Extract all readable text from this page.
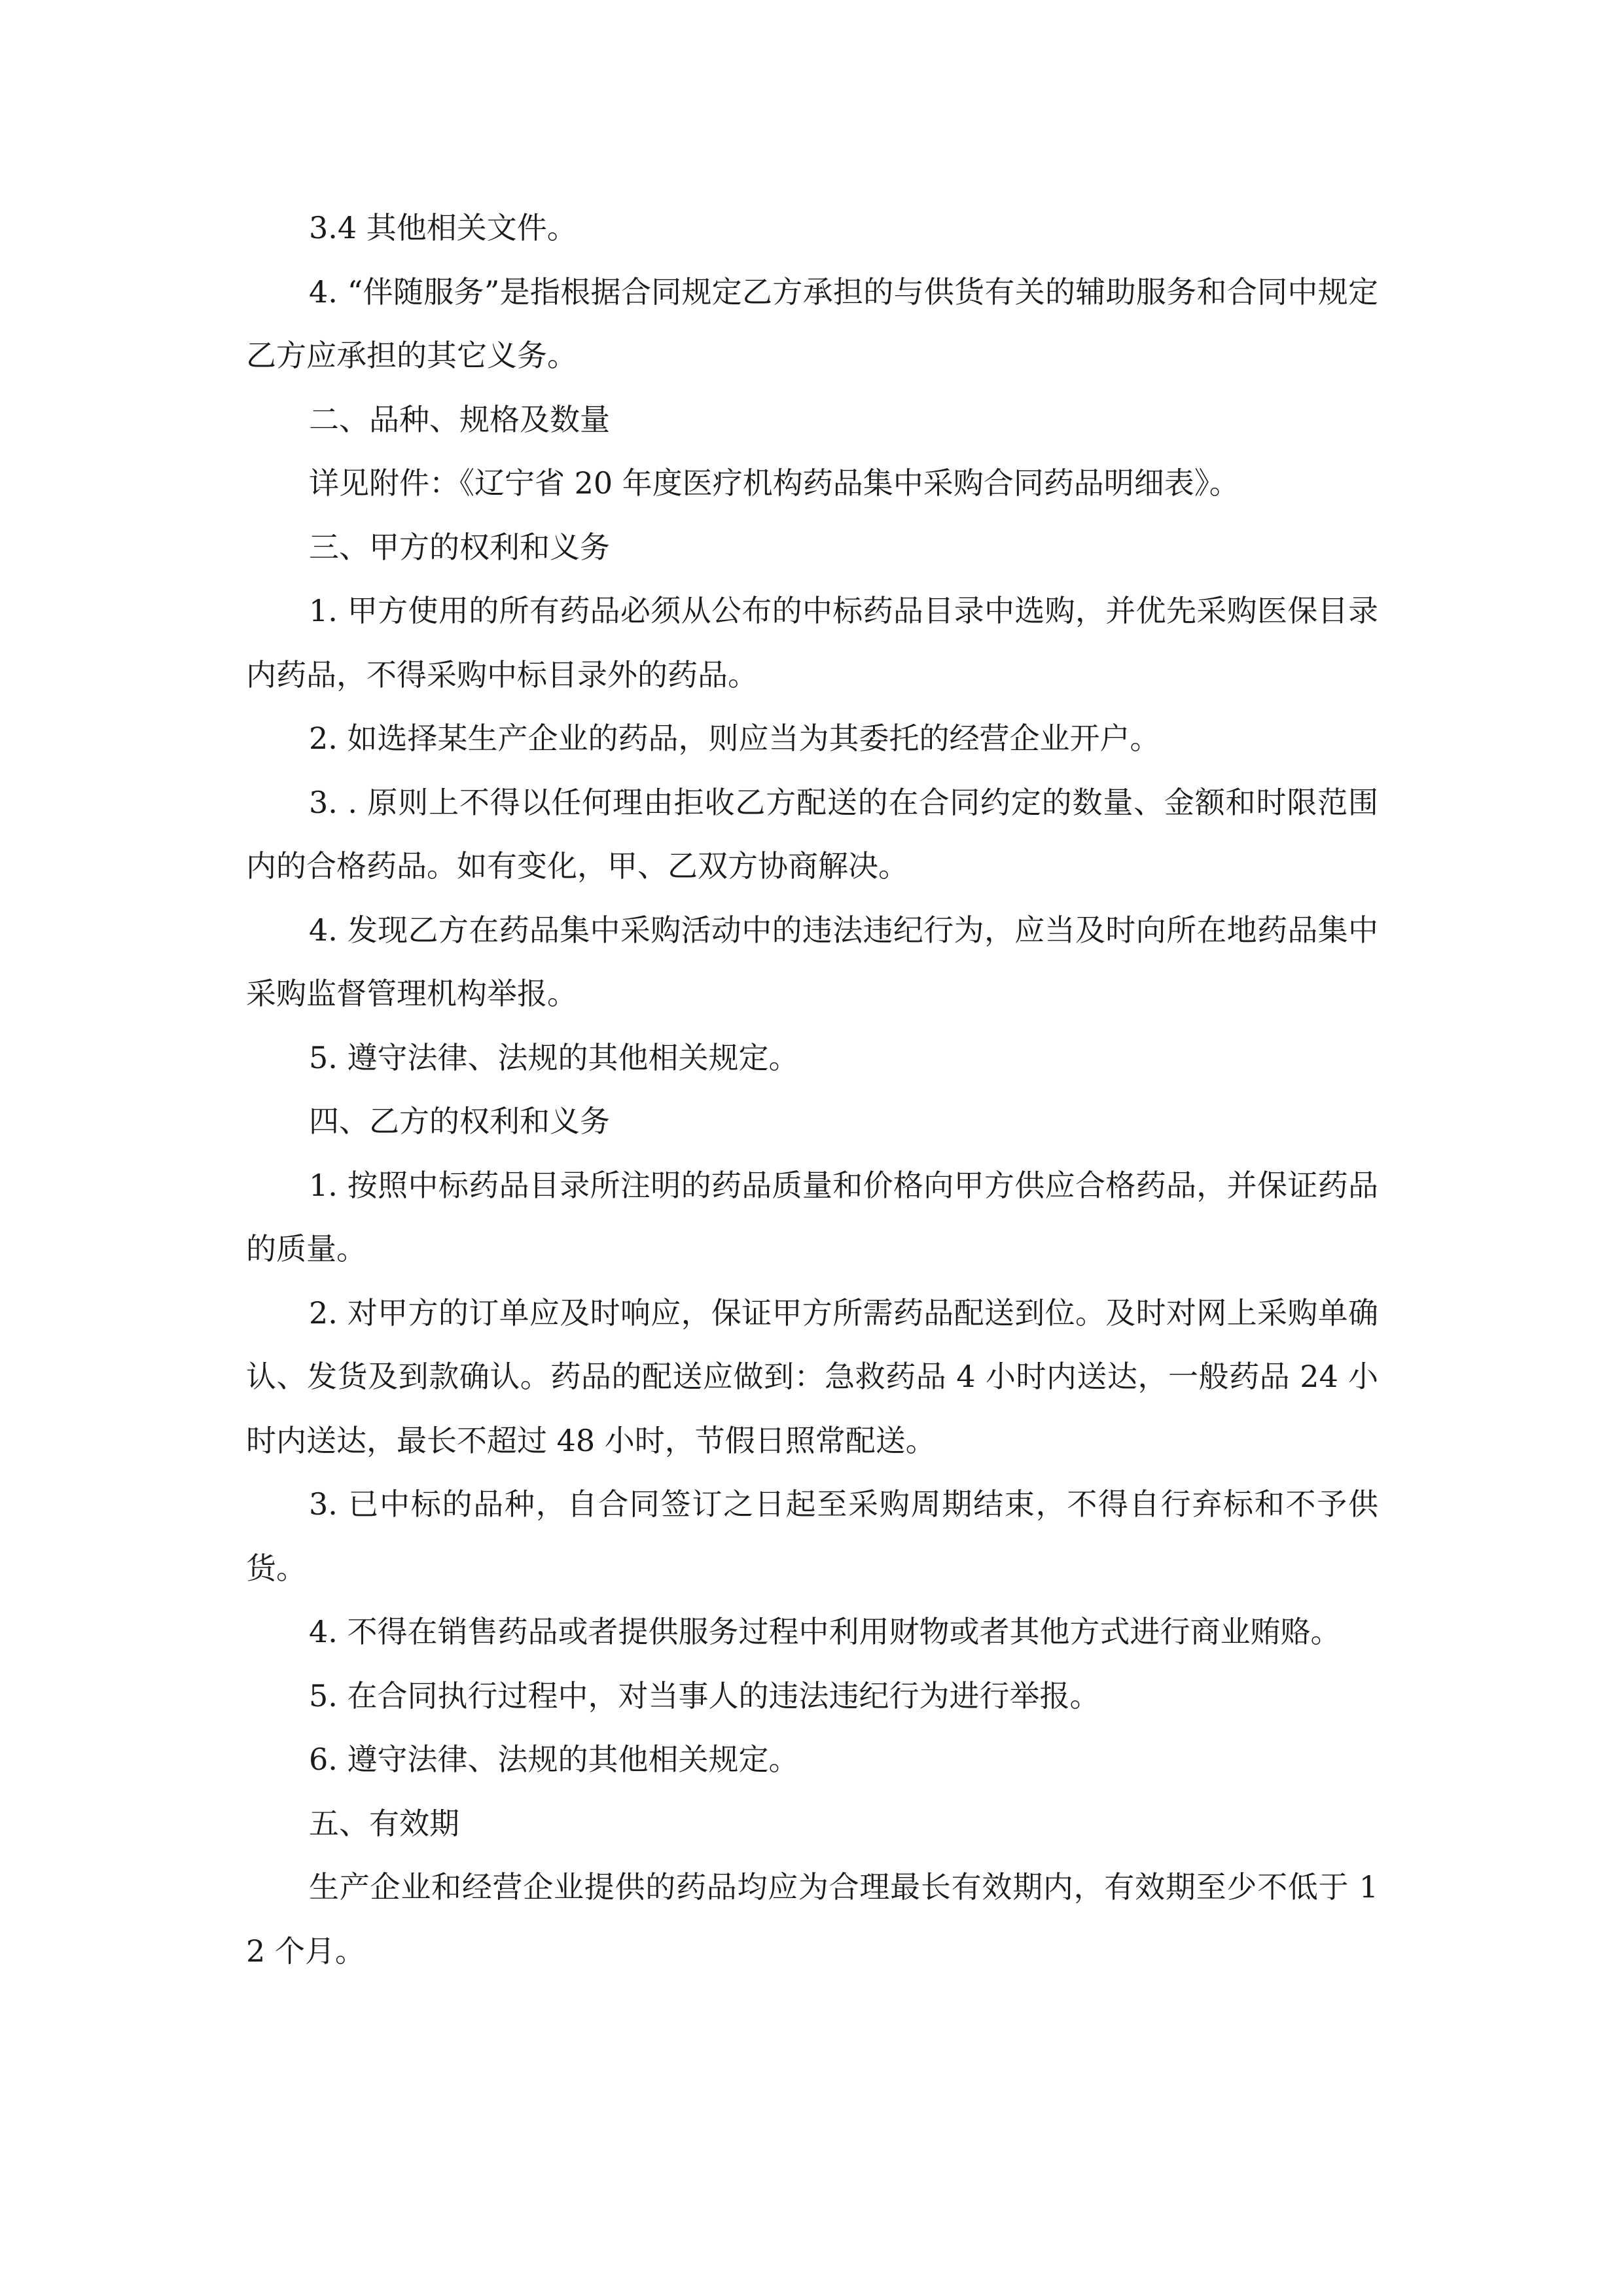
3.4 其他相关文件。

4. “伴随服务”是指根据合同规定乙方承担的与供货有关的辅助服务和合同中规定乙方应承担的其它义务。

二、品种、规格及数量

详见附件：《辽宁省 20 年度医疗机构药品集中采购合同药品明细表》。

三、甲方的权利和义务

1. 甲方使用的所有药品必须从公布的中标药品目录中选购，并优先采购医保目录内药品，不得采购中标目录外的药品。

2. 如选择某生产企业的药品，则应当为其委托的经营企业开户。

3. . 原则上不得以任何理由拒收乙方配送的在合同约定的数量、金额和时限范围内的合格药品。如有变化，甲、乙双方协商解决。

4. 发现乙方在药品集中采购活动中的违法违纪行为，应当及时向所在地药品集中采购监督管理机构举报。

5. 遵守法律、法规的其他相关规定。

四、乙方的权利和义务

1. 按照中标药品目录所注明的药品质量和价格向甲方供应合格药品，并保证药品的质量。

2. 对甲方的订单应及时响应，保证甲方所需药品配送到位。及时对网上采购单确认、发货及到款确认。药品的配送应做到：急救药品 4 小时内送达，一般药品 24 小时内送达，最长不超过 48 小时，节假日照常配送。

3. 已中标的品种，自合同签订之日起至采购周期结束，不得自行弃标和不予供货。

4. 不得在销售药品或者提供服务过程中利用财物或者其他方式进行商业贿赂。

5. 在合同执行过程中，对当事人的违法违纪行为进行举报。

6. 遵守法律、法规的其他相关规定。

五、有效期

生产企业和经营企业提供的药品均应为合理最长有效期内，有效期至少不低于 12 个月。
